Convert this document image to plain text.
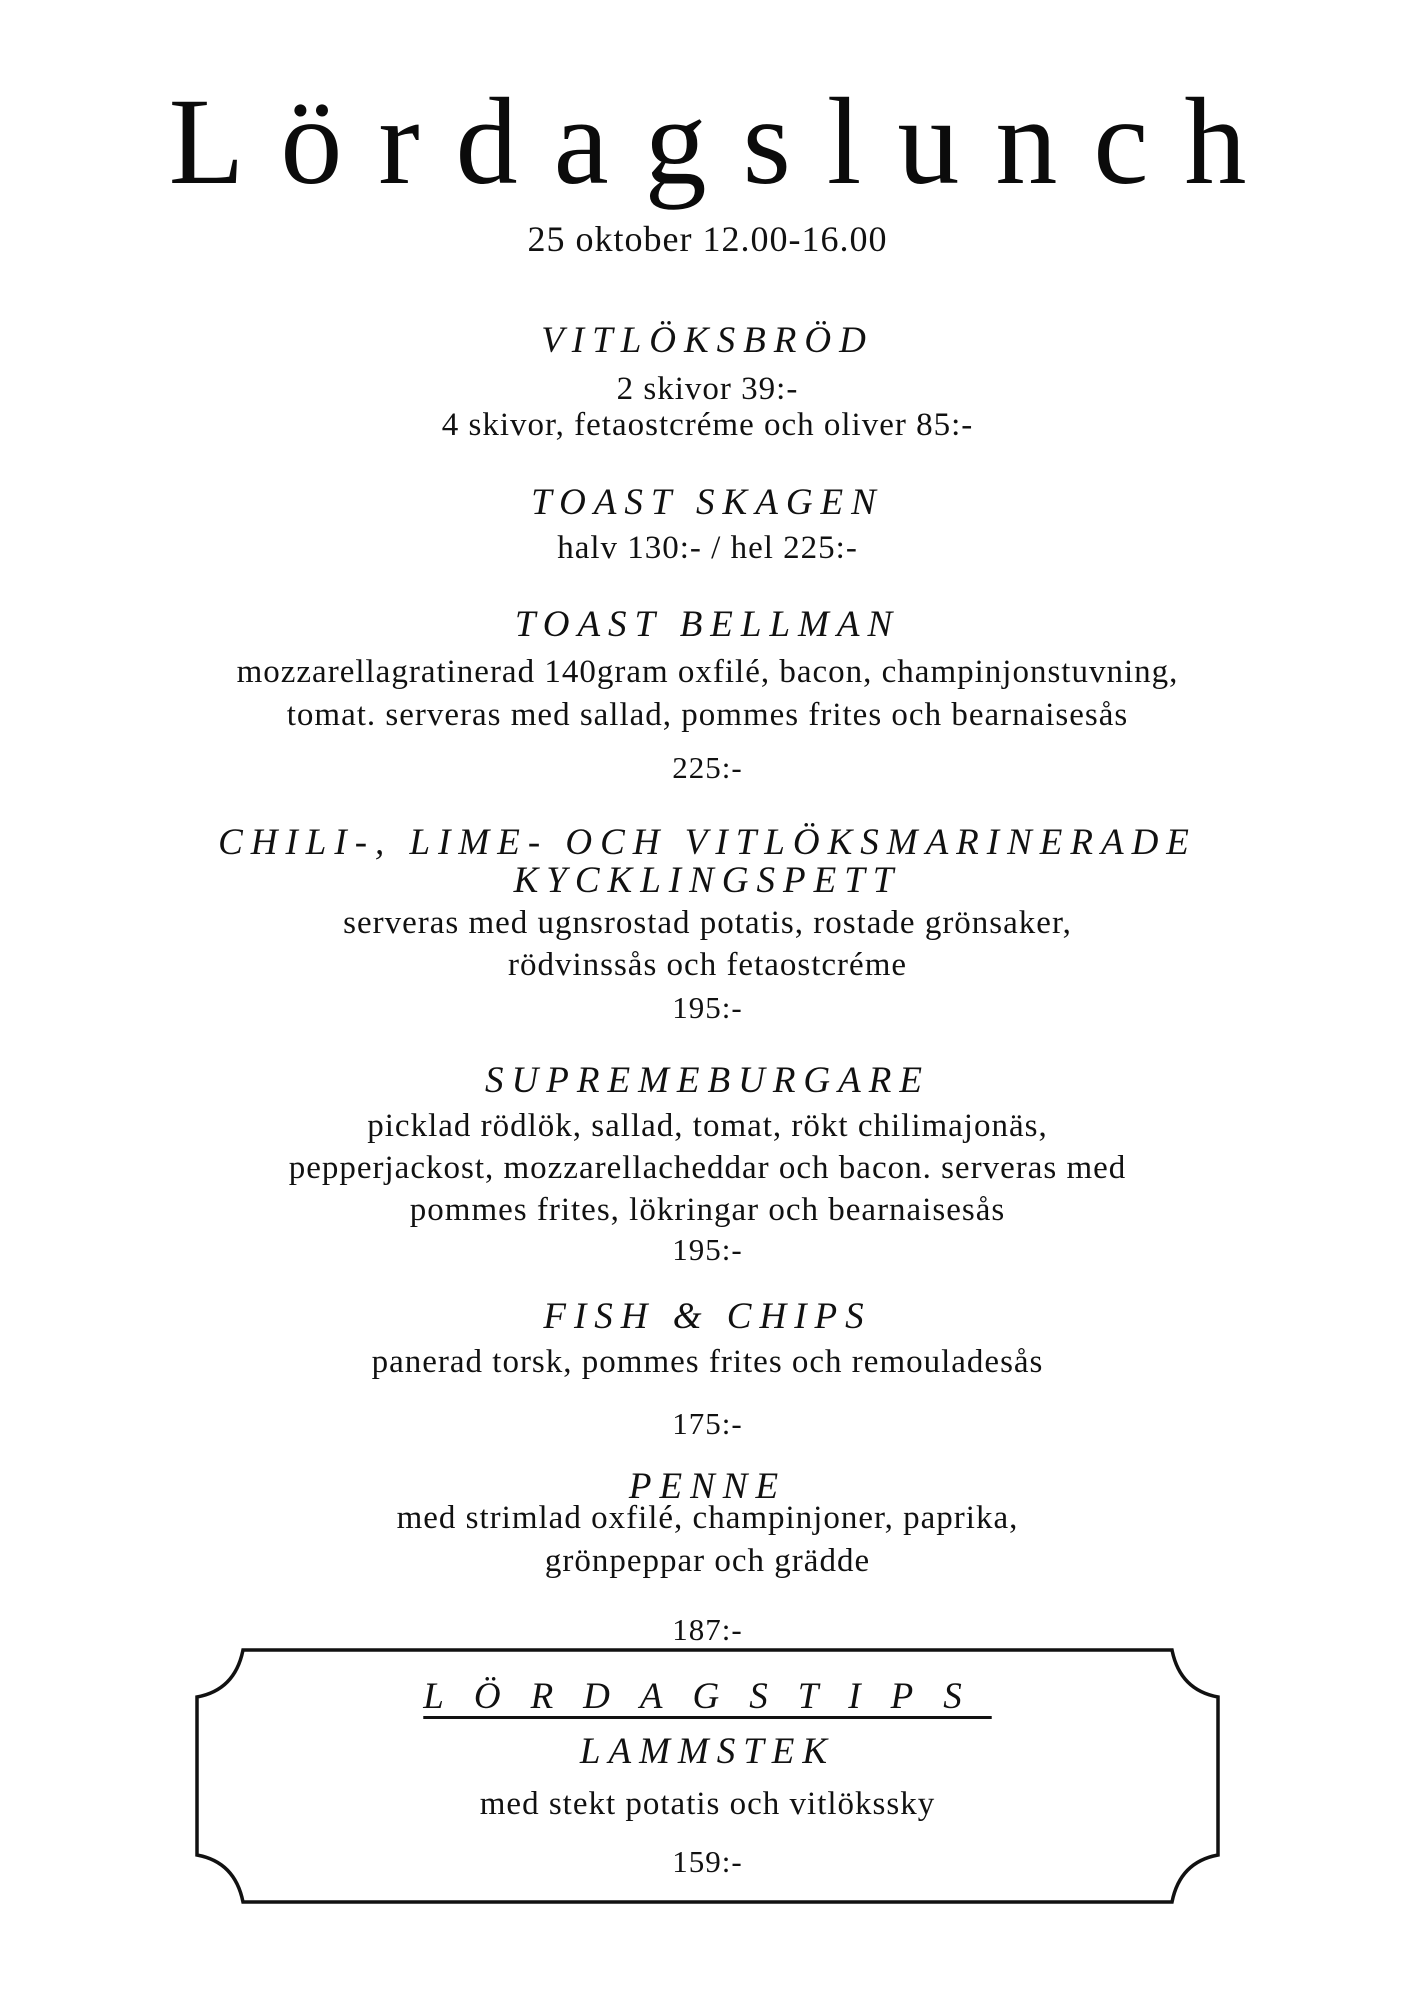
Lördagslunch
25 oktober 12.00-16.00
VITLÖKSBRÖD
2 skivor 39:-
4 skivor, fetaostcréme och oliver 85:-
TOAST SKAGEN
halv 130:- / hel 225:-
TOAST BELLMAN
mozzarellagratinerad 140gram oxfilé, bacon, champinjonstuvning,
tomat. serveras med sallad, pommes frites och bearnaisesås
225:-
CHILI-, LIME- OCH VITLÖKSMARINERADE
KYCKLINGSPETT
serveras med ugnsrostad potatis, rostade grönsaker,
rödvinssås och fetaostcréme
195:-
SUPREMEBURGARE
picklad rödlök, sallad, tomat, rökt chilimajonäs,
pepperjackost, mozzarellacheddar och bacon. serveras med
pommes frites, lökringar och bearnaisesås
195:-
FISH & CHIPS
panerad torsk, pommes frites och remouladesås
175:-
PENNE
med strimlad oxfilé, champinjoner, paprika,
grönpeppar och grädde
187:-
LÖRDAGSTIPS
LAMMSTEK
med stekt potatis och vitlökssky
159:-
